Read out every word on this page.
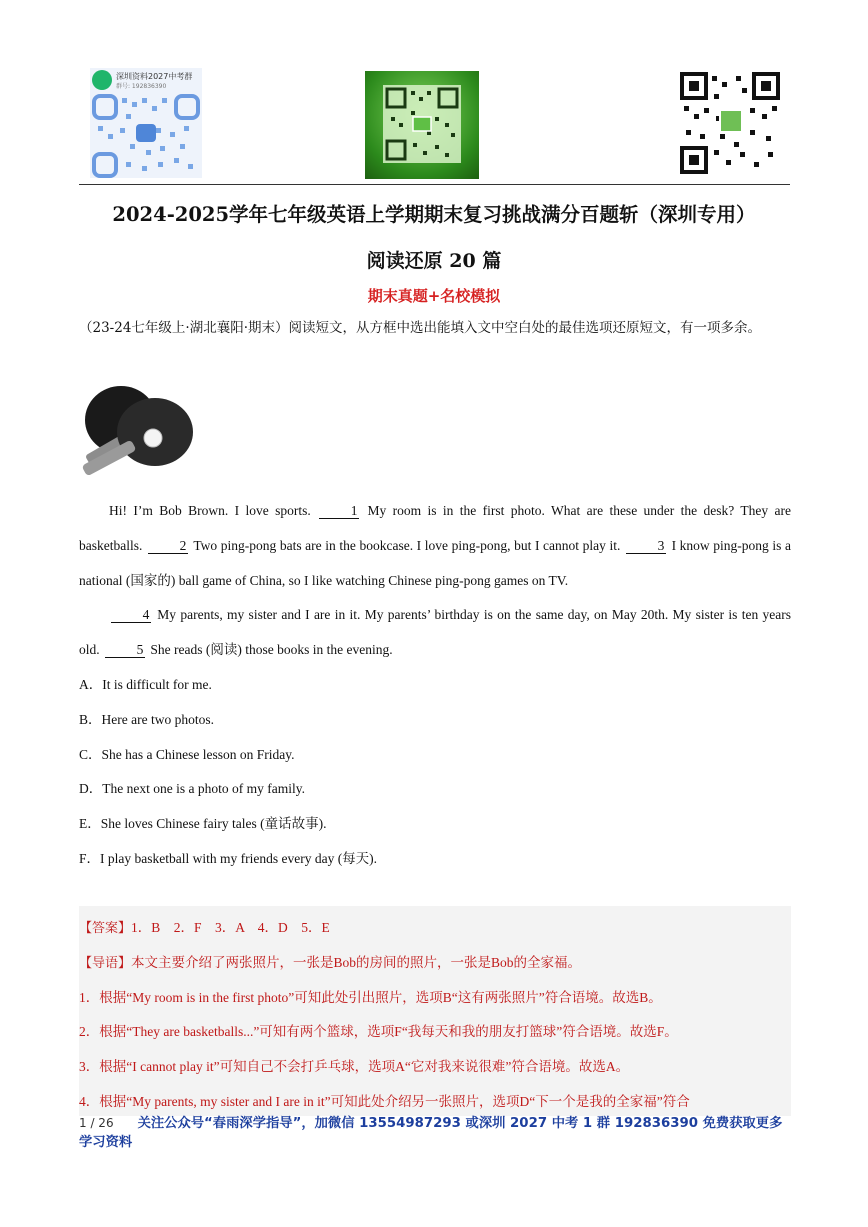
深圳资料2027中考群
群号: 192836390
2024-2025学年七年级英语上学期期末复习挑战满分百题斩（深圳专用）
阅读还原 20 篇
期末真题+名校模拟
（23-24七年级上·湖北襄阳·期末）阅读短文，从方框中选出能填入文中空白处的最佳选项还原短文，有一项多余。

Hi! I’m Bob Brown. I love sports. 1 My room is in the first photo. What are these under the desk? They are basketballs. 2 Two ping-pong bats are in the bookcase. I love ping-pong, but I cannot play it. 3 I know ping-pong is a national (国家的) ball game of China, so I like watching Chinese ping-pong games on TV.

4 My parents, my sister and I are in it. My parents’ birthday is on the same day, on May 20th. My sister is ten years old. 5 She reads (阅读) those books in the evening.

A．It is difficult for me.
B．Here are two photos.
C．She has a Chinese lesson on Friday.
D．The next one is a photo of my family.
E．She loves Chinese fairy tales (童话故事).
F．I play basketball with my friends every day (每天).
【答案】1．B　2．F　3．A　4．D　5．E
【导语】本文主要介绍了两张照片，一张是Bob的房间的照片，一张是Bob的全家福。
1．根据“My room is in the first photo”可知此处引出照片，选项B“这有两张照片”符合语境。故选B。
2．根据“They are basketballs...”可知有两个篮球，选项F“我每天和我的朋友打篮球”符合语境。故选F。
3．根据“I cannot play it”可知自己不会打乒乓球，选项A“它对我来说很难”符合语境。故选A。
4．根据“My parents, my sister and I are in it”可知此处介绍另一张照片，选项D“下一个是我的全家福”符合
1 / 26 关注公众号“春雨深学指导”，加微信 13554987293 或深圳 2027 中考 1 群 192836390 免费获取更多学习资料
